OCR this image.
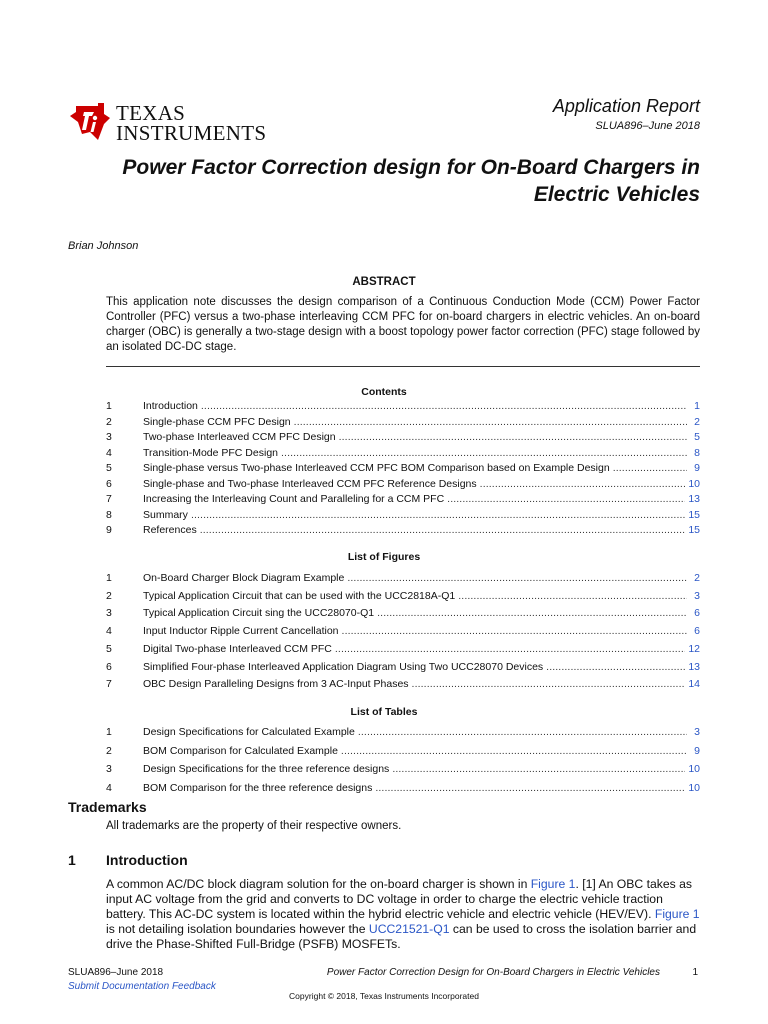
TEXAS
INSTRUMENTS
Application Report
SLUA896–June 2018
Power Factor Correction design for On-Board Chargers in Electric Vehicles
Brian Johnson
ABSTRACT
This application note discusses the design comparison of a Continuous Conduction Mode (CCM) Power Factor Controller (PFC) versus a two-phase interleaving CCM PFC for on-board chargers in electric vehicles. An on-board charger (OBC) is generally a two-stage design with a boost topology power factor correction (PFC) stage followed by an isolated DC-DC stage.
Contents
1	Introduction . . .	1
2	Single-phase CCM PFC Design . . .	2
3	Two-phase Interleaved CCM PFC Design . . .	5
4	Transition-Mode PFC Design . . .	8
5	Single-phase versus Two-phase Interleaved CCM PFC BOM Comparison based on Example Design . . .	9
6	Single-phase and Two-phase Interleaved CCM PFC Reference Designs . . .	10
7	Increasing the Interleaving Count and Paralleling for a CCM PFC . . .	13
8	Summary . . .	15
9	References . . .	15
List of Figures
1	On-Board Charger Block Diagram Example . . .	2
2	Typical Application Circuit that can be used with the UCC2818A-Q1 . . .	3
3	Typical Application Circuit sing the UCC28070-Q1 . . .	6
4	Input Inductor Ripple Current Cancellation . . .	6
5	Digital Two-phase Interleaved CCM PFC . . .	12
6	Simplified Four-phase Interleaved Application Diagram Using Two UCC28070 Devices . . .	13
7	OBC Design Paralleling Designs from 3 AC-Input Phases . . .	14
List of Tables
1	Design Specifications for Calculated Example . . .	3
2	BOM Comparison for Calculated Example . . .	9
3	Design Specifications for the three reference designs . . .	10
4	BOM Comparison for the three reference designs . . .	10
Trademarks
All trademarks are the property of their respective owners.
1 Introduction
A common AC/DC block diagram solution for the on-board charger is shown in Figure 1. [1] An OBC takes as input AC voltage from the grid and converts to DC voltage in order to charge the electric vehicle traction battery. This AC-DC system is located within the hybrid electric vehicle and electric vehicle (HEV/EV). Figure 1 is not detailing isolation boundaries however the UCC21521-Q1 can be used to cross the isolation barrier and drive the Phase-Shifted Full-Bridge (PSFB) MOSFETs.
SLUA896–June 2018
Submit Documentation Feedback
Power Factor Correction Design for On-Board Chargers in Electric Vehicles	1
Copyright © 2018, Texas Instruments Incorporated
